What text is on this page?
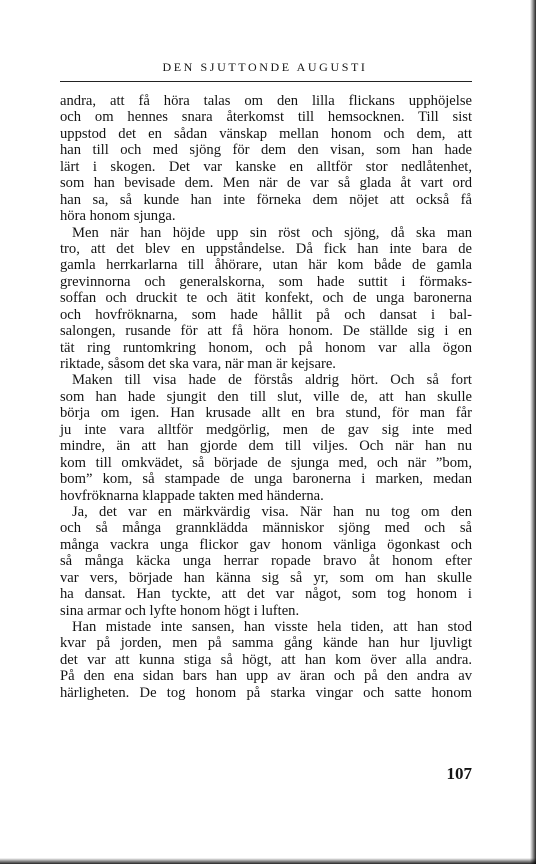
DEN SJUTTONDE AUGUSTI
andra, att få höra talas om den lilla flickans upphöjelse
och om hennes snara återkomst till hemsocknen. Till sist
uppstod det en sådan vänskap mellan honom och dem, att
han till och med sjöng för dem den visan, som han hade
lärt i skogen. Det var kanske en alltför stor nedlåtenhet,
som han bevisade dem. Men när de var så glada åt vart ord
han sa, så kunde han inte förneka dem nöjet att också få
höra honom sjunga.
Men när han höjde upp sin röst och sjöng, då ska man
tro, att det blev en uppståndelse. Då fick han inte bara de
gamla herrkarlarna till åhörare, utan här kom både de gamla
grevinnorna och generalskorna, som hade suttit i förmaks-
soffan och druckit te och ätit konfekt, och de unga baronerna
och hovfröknarna, som hade hållit på och dansat i bal-
salongen, rusande för att få höra honom. De ställde sig i en
tät ring runtomkring honom, och på honom var alla ögon
riktade, såsom det ska vara, när man är kejsare.
Maken till visa hade de förstås aldrig hört. Och så fort
som han hade sjungit den till slut, ville de, att han skulle
börja om igen. Han krusade allt en bra stund, för man får
ju inte vara alltför medgörlig, men de gav sig inte med
mindre, än att han gjorde dem till viljes. Och när han nu
kom till omkvädet, så började de sjunga med, och när ”bom,
bom” kom, så stampade de unga baronerna i marken, medan
hovfröknarna klappade takten med händerna.
Ja, det var en märkvärdig visa. När han nu tog om den
och så många grannklädda människor sjöng med och så
många vackra unga flickor gav honom vänliga ögonkast och
så många käcka unga herrar ropade bravo åt honom efter
var vers, började han känna sig så yr, som om han skulle
ha dansat. Han tyckte, att det var något, som tog honom i
sina armar och lyfte honom högt i luften.
Han mistade inte sansen, han visste hela tiden, att han stod
kvar på jorden, men på samma gång kände han hur ljuvligt
det var att kunna stiga så högt, att han kom över alla andra.
På den ena sidan bars han upp av äran och på den andra av
härligheten. De tog honom på starka vingar och satte honom
107
